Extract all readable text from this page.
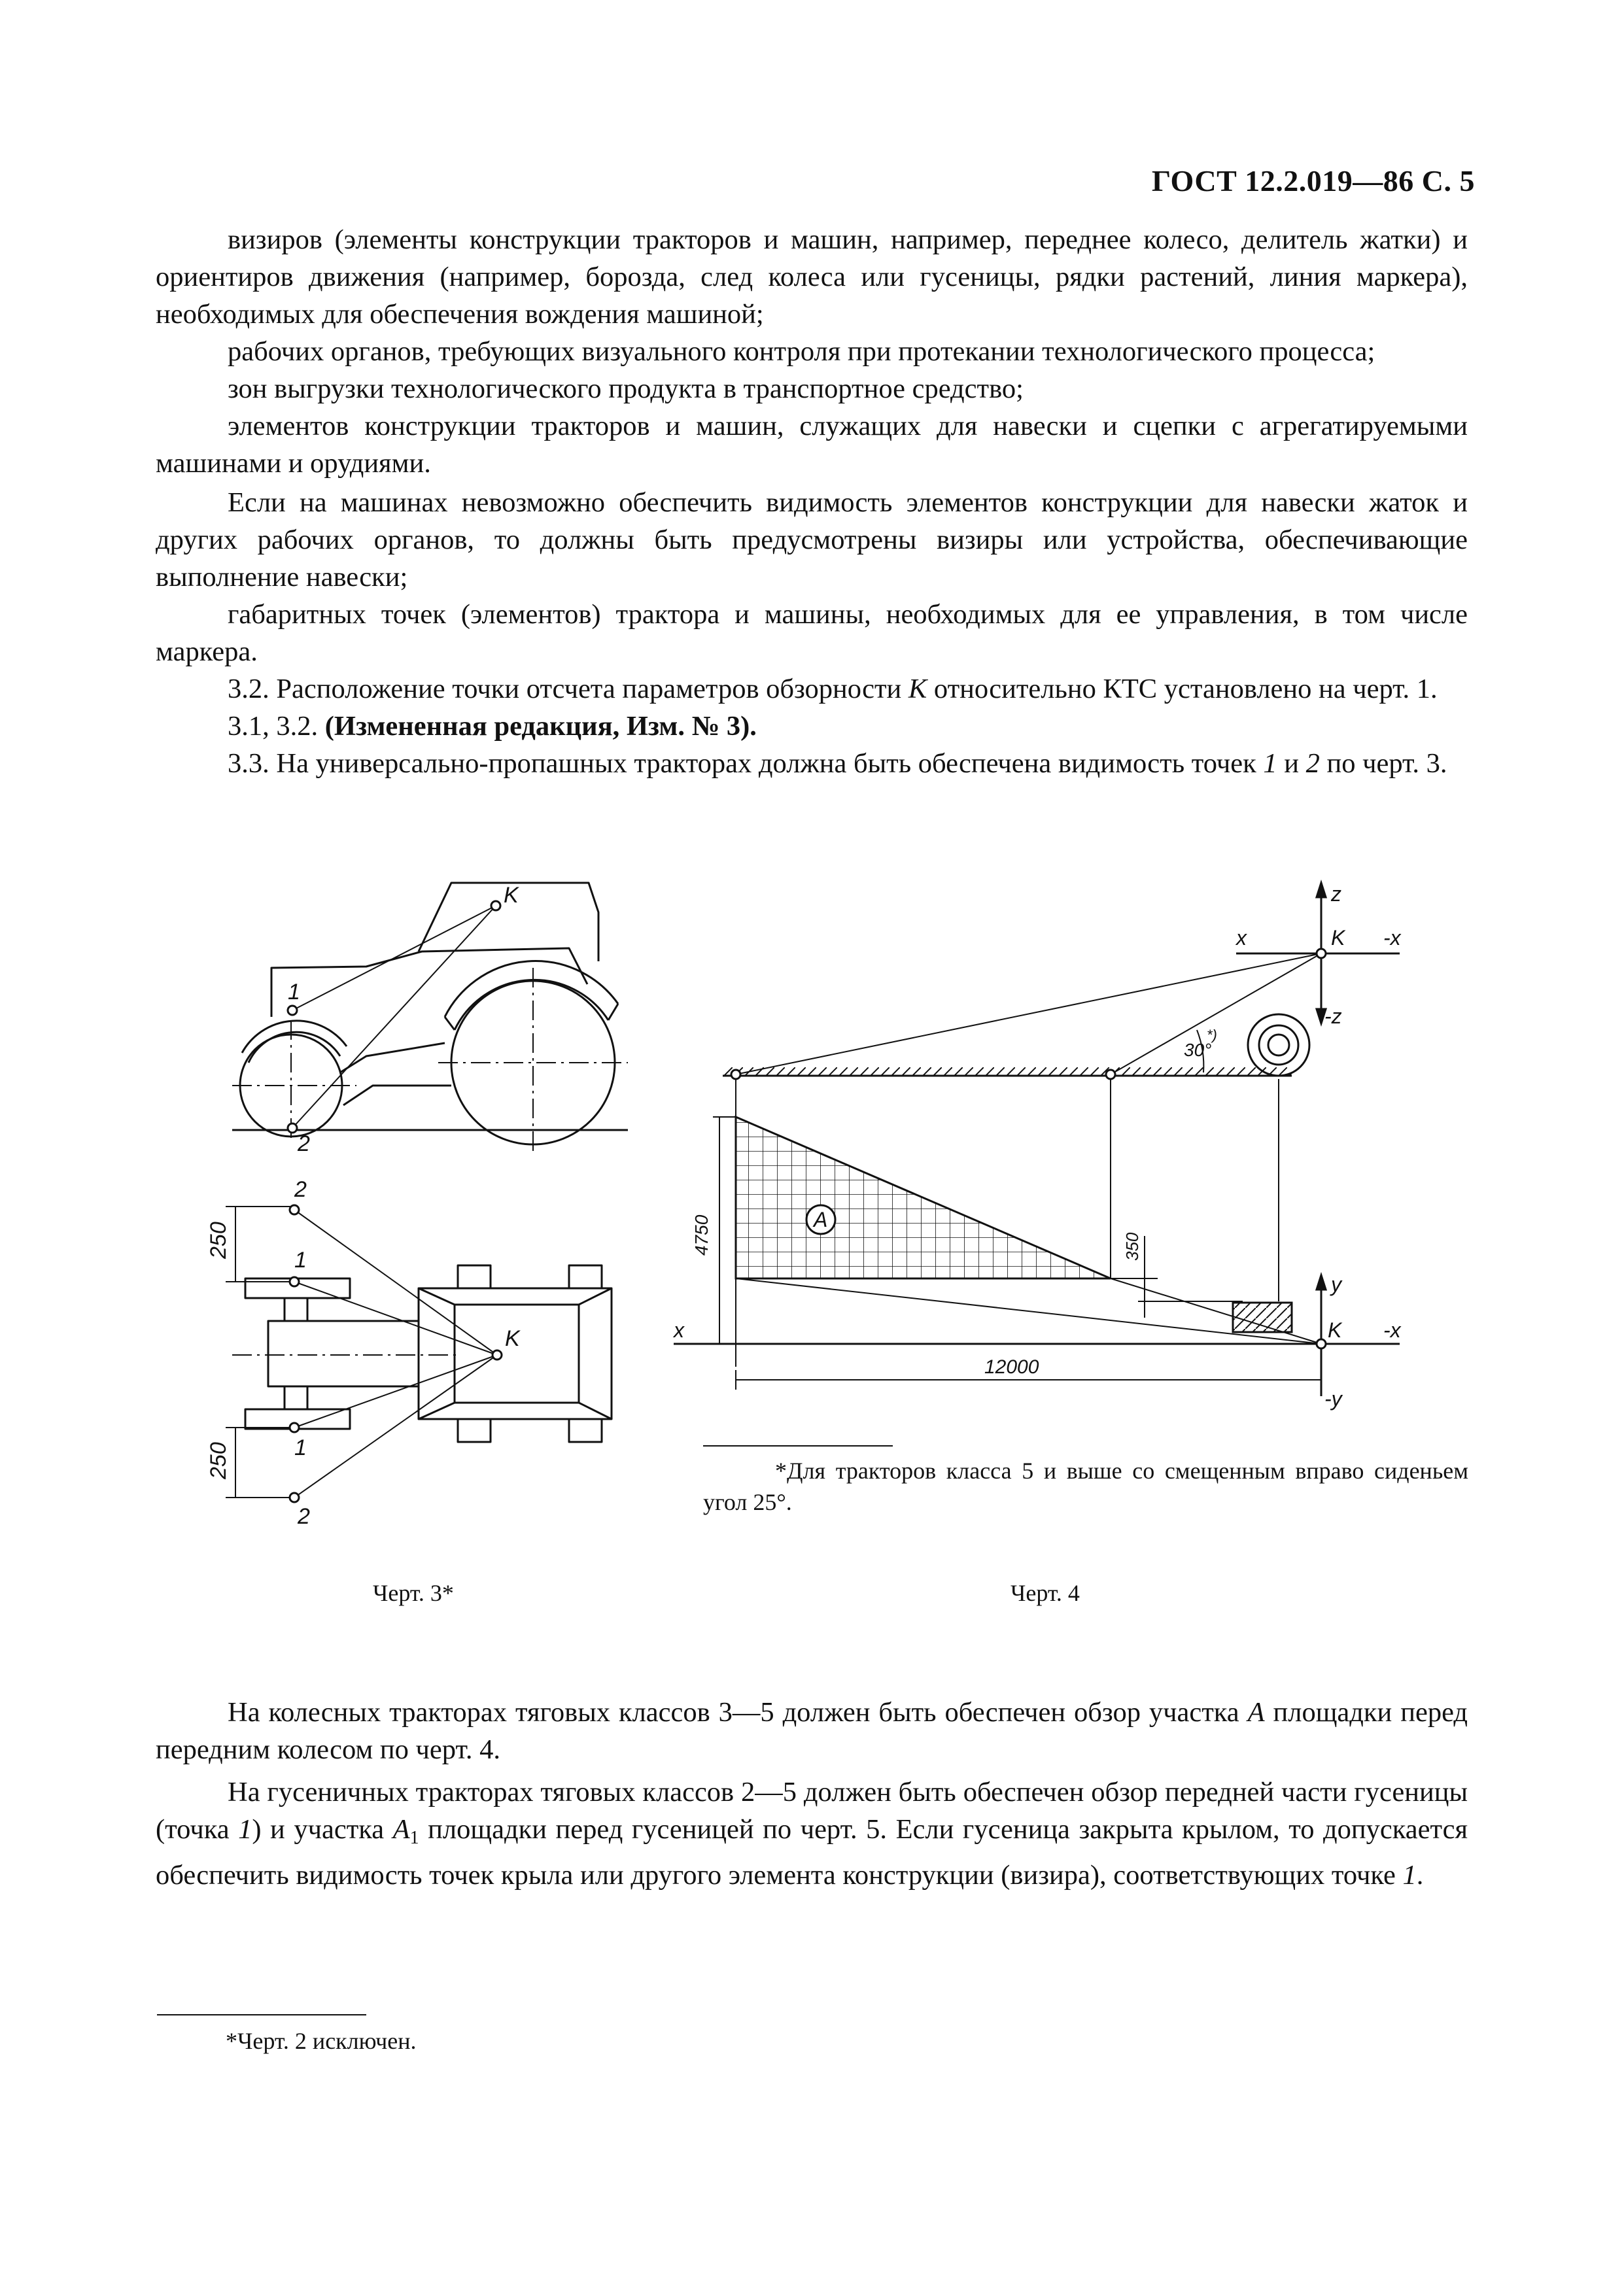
ГОСТ 12.2.019—86 С. 5

визиров (элементы конструкции тракторов и машин, например, переднее колесо, делитель жатки) и ориентиров движения (например, борозда, след колеса или гусеницы, рядки растений, линия маркера), необходимых для обеспечения вождения машиной;

рабочих органов, требующих визуального контроля при протекании технологического процесса;

зон выгрузки технологического продукта в транспортное средство;

элементов конструкции тракторов и машин, служащих для навески и сцепки с агрегатируемыми машинами и орудиями.

Если на машинах невозможно обеспечить видимость элементов конструкции для навески жаток и других рабочих органов, то должны быть предусмотрены визиры или устройства, обеспечивающие выполнение навески;

габаритных точек (элементов) трактора и машины, необходимых для ее управления, в том числе маркера.

3.2. Расположение точки отсчета параметров обзорности K относительно КТС установлено на черт. 1.

3.1, 3.2. (Измененная редакция, Изм. № 3).

3.3. На универсально-пропашных тракторах должна быть обеспечена видимость точек 1 и 2 по черт. 3.

K
1
2
K
2
1
1
2
250
250
z
-z
x	-x
K
30°
*)
A
4750	350
12000
y
K -x
x
-y
*Для тракторов класса 5 и выше со смещенным вправо сиденьем угол 25°.
Черт. 3*	Черт. 4

На колесных тракторах тяговых классов 3—5 должен быть обеспечен обзор участка A площадки перед передним колесом по черт. 4.

На гусеничных тракторах тяговых классов 2—5 должен быть обеспечен обзор передней части гусеницы (точка 1) и участка $A_1$ площадки перед гусеницей по черт. 5. Если гусеница закрыта крылом, то допускается обеспечить видимость точек крыла или другого элемента конструкции (визира), соответствующих точке 1.

*Черт. 2 исключен.
